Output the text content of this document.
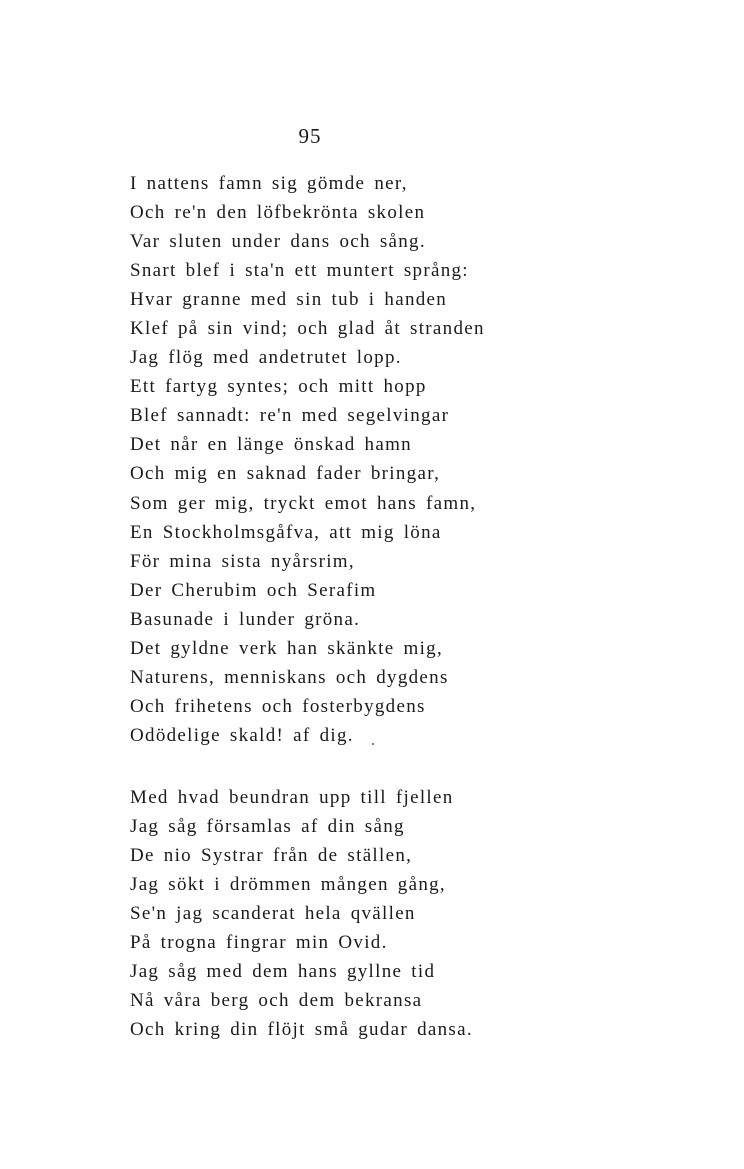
95
I nattens famn sig gömde ner,
Och re'n den löfbekrönta skolen
Var sluten under dans och sång.
Snart blef i sta'n ett muntert språng:
Hvar granne med sin tub i handen
Klef på sin vind; och glad åt stranden
Jag flög med andetrutet lopp.
Ett fartyg syntes; och mitt hopp
Blef sannadt: re'n med segelvingar
Det når en länge önskad hamn
Och mig en saknad fader bringar,
Som ger mig, tryckt emot hans famn,
En Stockholmsgåfva, att mig löna
För mina sista nyårsrim,
Der Cherubim och Serafim
Basunade i lunder gröna.
Det gyldne verk han skänkte mig,
Naturens, menniskans och dygdens
Och frihetens och fosterbygdens
Odödelige skald! af dig.
Med hvad beundran upp till fjellen
Jag såg församlas af din sång
De nio Systrar från de ställen,
Jag sökt i drömmen mången gång,
Se'n jag scanderat hela qvällen
På trogna fingrar min Ovid.
Jag såg med dem hans gyllne tid
Nå våra berg och dem bekransa
Och kring din flöjt små gudar dansa.
